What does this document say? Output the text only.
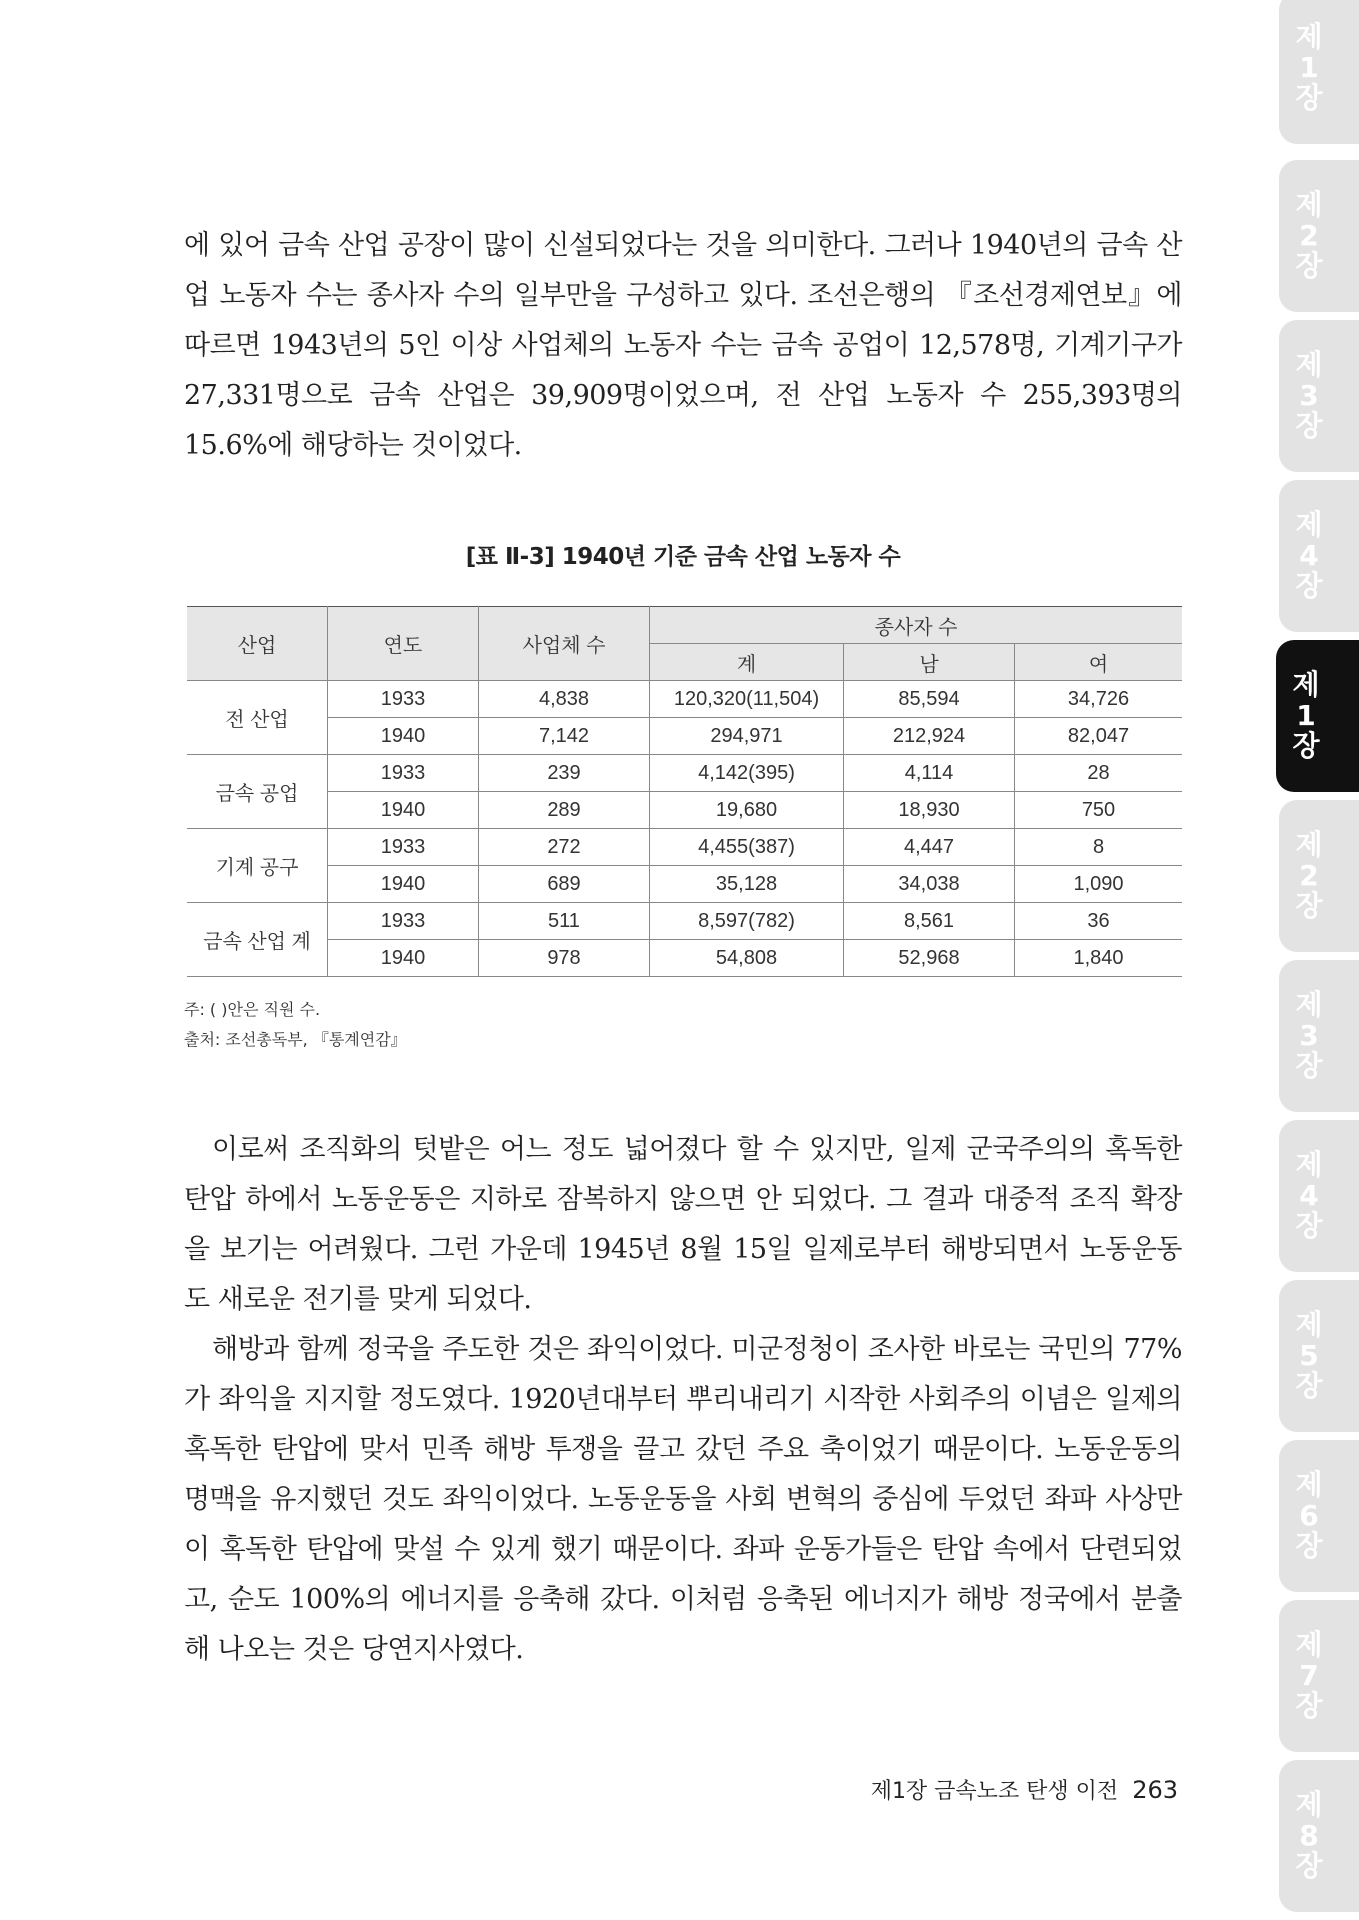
에 있어 금속 산업 공장이 많이 신설되었다는 것을 의미한다. 그러나 1940년의 금속 산업 노동자 수는 종사자 수의 일부만을 구성하고 있다. 조선은행의 『조선경제연보』에 따르면 1943년의 5인 이상 사업체의 노동자 수는 금속 공업이 12,578명, 기계기구가 27,331명으로 금속 산업은 39,909명이었으며, 전 산업 노동자 수 255,393명의 15.6%에 해당하는 것이었다.

[표 Ⅱ-3] 1940년 기준 금속 산업 노동자 수
산업	연도	사업체 수	종사자 수		
			계	남	여
전 산업	1933	4,838	120,320(11,504)	85,594	34,726
	1940	7,142	294,971	212,924	82,047
금속 공업	1933	239	4,142(395)	4,114	28
	1940	289	19,680	18,930	750
기계 공구	1933	272	4,455(387)	4,447	8
	1940	689	35,128	34,038	1,090
금속 산업 계	1933	511	8,597(782)	8,561	36
	1940	978	54,808	52,968	1,840
주: ( )안은 직원 수.
출처: 조선총독부, 『통계연감』

이로써 조직화의 텃밭은 어느 정도 넓어졌다 할 수 있지만, 일제 군국주의의 혹독한 탄압 하에서 노동운동은 지하로 잠복하지 않으면 안 되었다. 그 결과 대중적 조직 확장을 보기는 어려웠다. 그런 가운데 1945년 8월 15일 일제로부터 해방되면서 노동운동도 새로운 전기를 맞게 되었다.

해방과 함께 정국을 주도한 것은 좌익이었다. 미군정청이 조사한 바로는 국민의 77%가 좌익을 지지할 정도였다. 1920년대부터 뿌리내리기 시작한 사회주의 이념은 일제의 혹독한 탄압에 맞서 민족 해방 투쟁을 끌고 갔던 주요 축이었기 때문이다. 노동운동의 명맥을 유지했던 것도 좌익이었다. 노동운동을 사회 변혁의 중심에 두었던 좌파 사상만이 혹독한 탄압에 맞설 수 있게 했기 때문이다. 좌파 운동가들은 탄압 속에서 단련되었고, 순도 100%의 에너지를 응축해 갔다. 이처럼 응축된 에너지가 해방 정국에서 분출해 나오는 것은 당연지사였다.

제1장 금속노조 탄생 이전 263
제
1
장
제
2
장
제
3
장
제
4
장
제
1
장
제
2
장
제
3
장
제
4
장
제
5
장
제
6
장
제
7
장
제
8
장
